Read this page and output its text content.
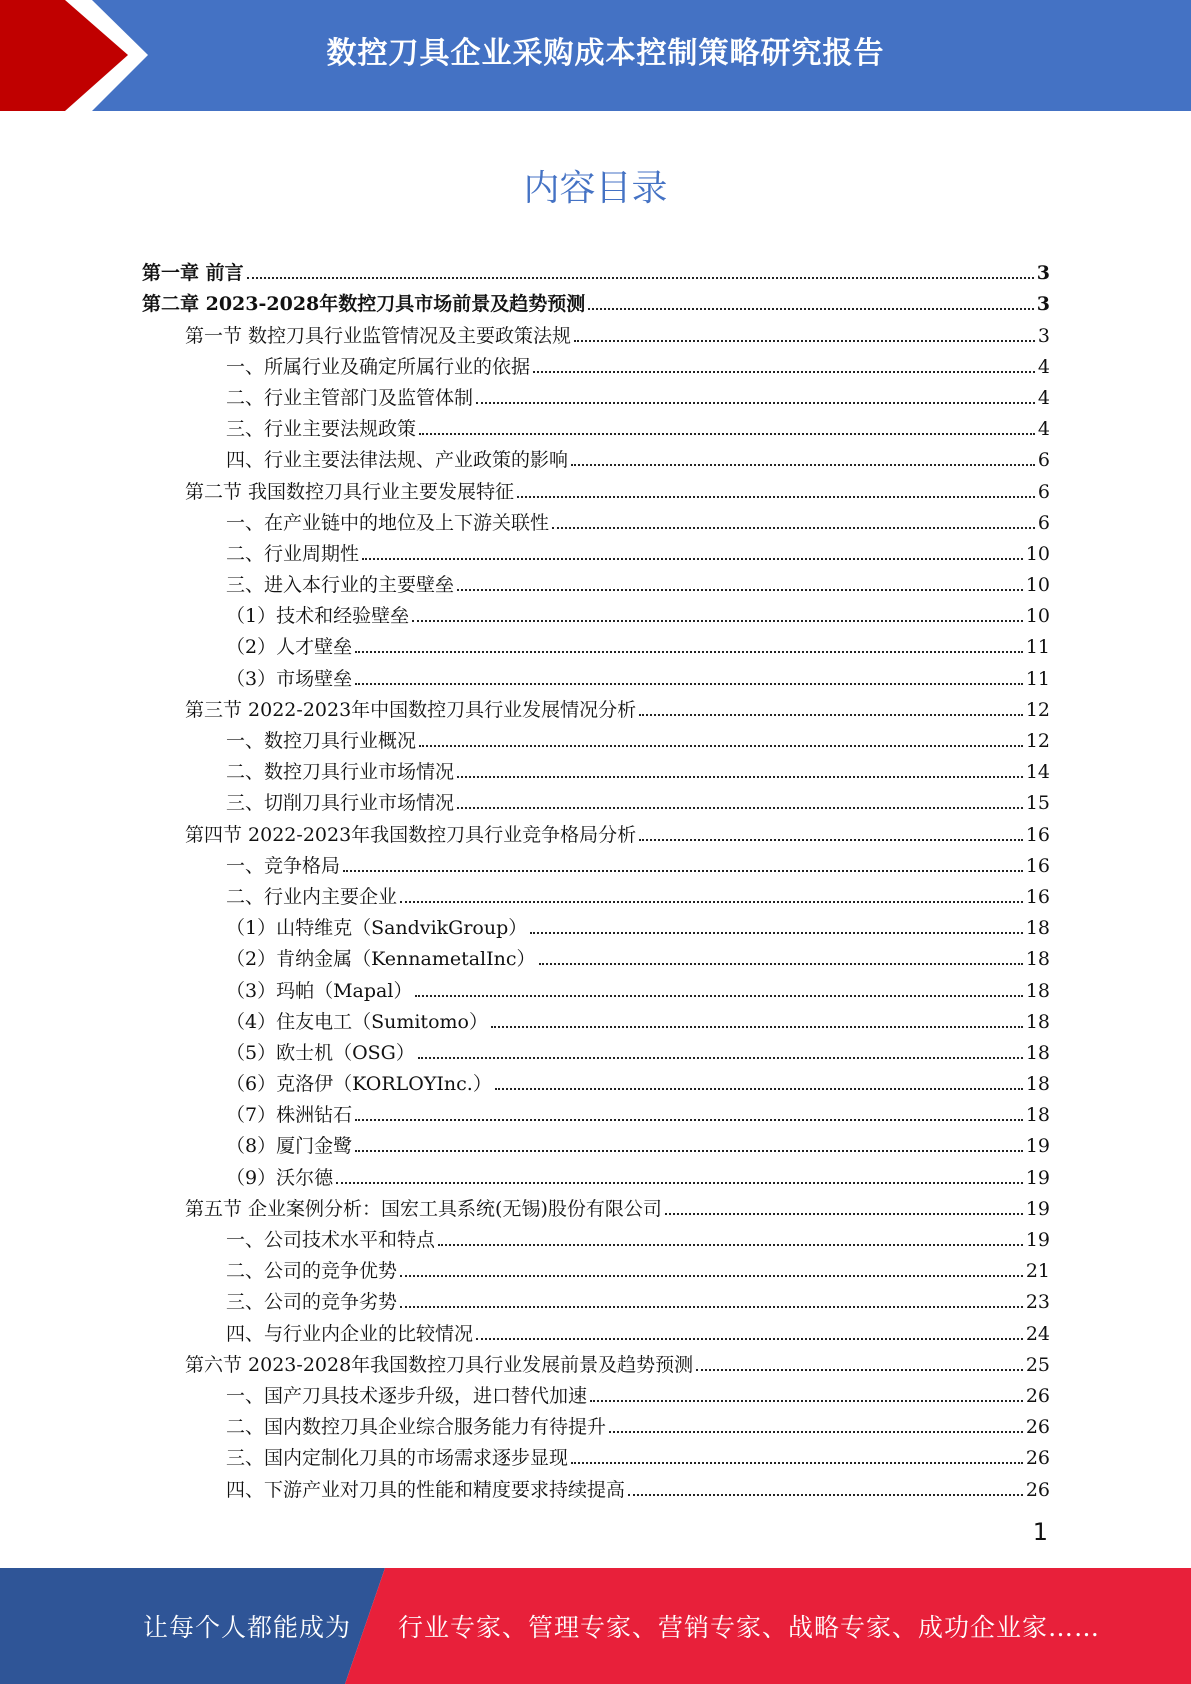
数控刀具企业采购成本控制策略研究报告
内容目录
第一章 前言	3
第二章 2023-2028年数控刀具市场前景及趋势预测	3
第一节 数控刀具行业监管情况及主要政策法规	3
一、所属行业及确定所属行业的依据	4
二、行业主管部门及监管体制	4
三、行业主要法规政策	4
四、行业主要法律法规、产业政策的影响	6
第二节 我国数控刀具行业主要发展特征	6
一、在产业链中的地位及上下游关联性	6
二、行业周期性	10
三、进入本行业的主要壁垒	10
（1）技术和经验壁垒	10
（2）人才壁垒	11
（3）市场壁垒	11
第三节 2022-2023年中国数控刀具行业发展情况分析	12
一、数控刀具行业概况	12
二、数控刀具行业市场情况	14
三、切削刀具行业市场情况	15
第四节 2022-2023年我国数控刀具行业竞争格局分析	16
一、竞争格局	16
二、行业内主要企业	16
（1）山特维克（SandvikGroup）	18
（2）肯纳金属（KennametalInc）	18
（3）玛帕（Mapal）	18
（4）住友电工（Sumitomo）	18
（5）欧士机（OSG）	18
（6）克洛伊（KORLOYInc.）	18
（7）株洲钻石	18
（8）厦门金鹭	19
（9）沃尔德	19
第五节 企业案例分析：国宏工具系统(无锡)股份有限公司	19
一、公司技术水平和特点	19
二、公司的竞争优势	21
三、公司的竞争劣势	23
四、与行业内企业的比较情况	24
第六节 2023-2028年我国数控刀具行业发展前景及趋势预测	25
一、国产刀具技术逐步升级，进口替代加速	26
二、国内数控刀具企业综合服务能力有待提升	26
三、国内定制化刀具的市场需求逐步显现	26
四、下游产业对刀具的性能和精度要求持续提高	26
1
让每个人都能成为 行业专家、管理专家、营销专家、战略专家、成功企业家……
